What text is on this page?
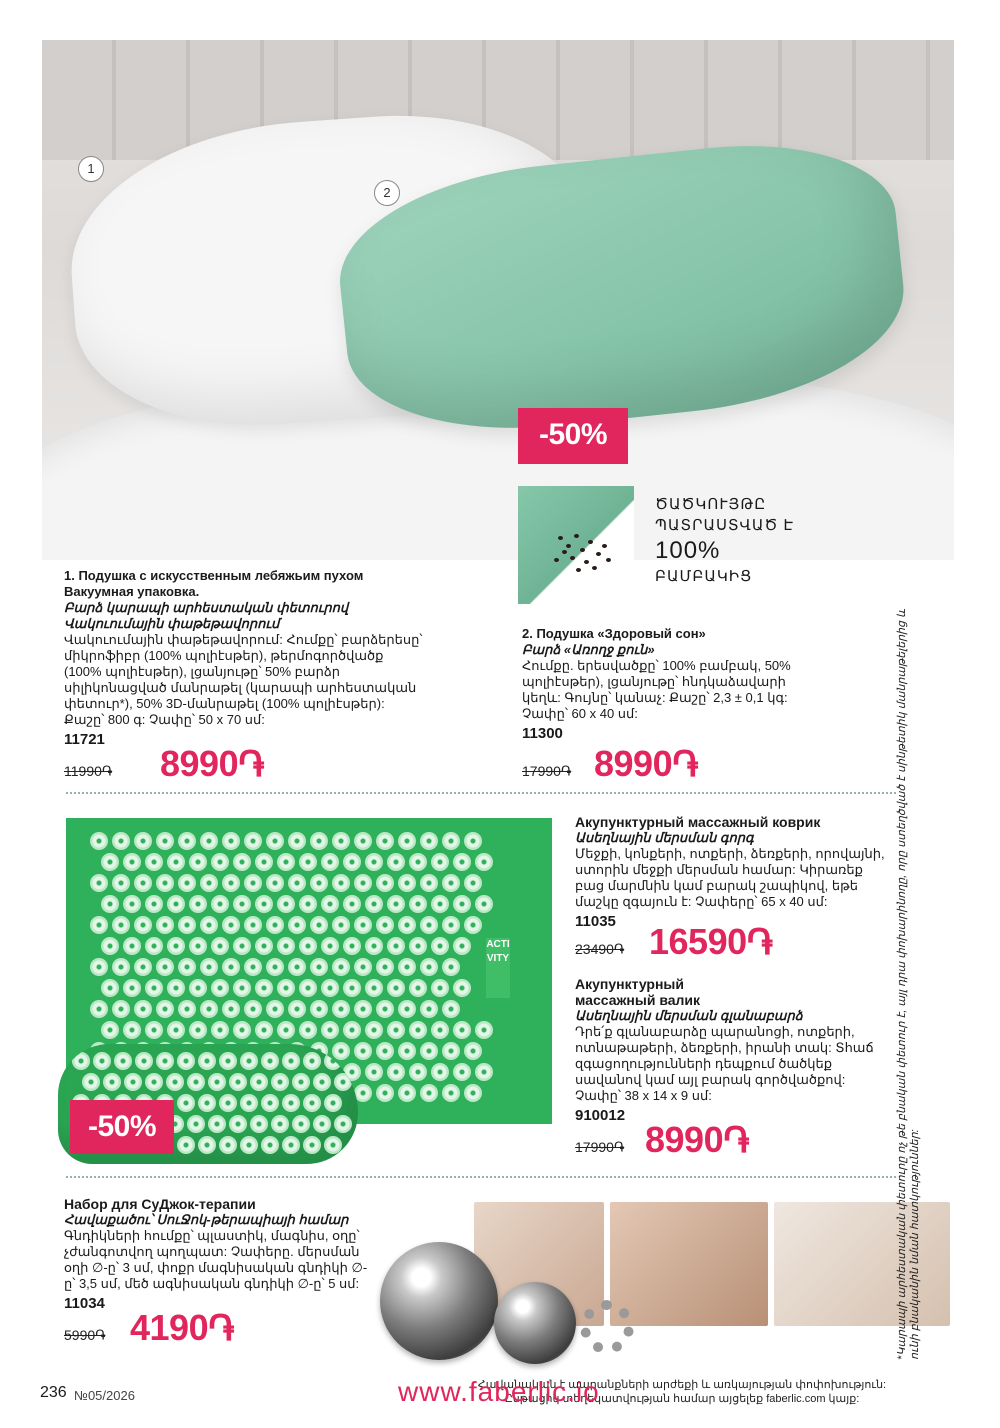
1
2
-50%
ԾԱԾԿՈՒՅԹԸ
ՊԱՏՐԱՍՏՎԱԾ Է
100%
ԲԱՄԲԱԿԻՑ
1. Подушка с искусственным лебяжьим пухом Вакуумная упаковка.
Բարձ կարապի արհեստական փետուրով
Վակուումային փաթեթավորում
Վակուումային փաթեթավորում: Հումքը՝ բարձերեսը՝ միկրոֆիբր (100% պոլիէսթեր), թերմոգործվածք (100% պոլիէսթեր), լցանյութը՝ 50% բարձր սիլիկոնացված մանրաթել (կարապի արհեստական փետուր*), 50% 3D-մանրաթել (100% պոլիէսթեր): Քաշը՝ 800 գ: Չափը՝ 50 x 70 սմ:
11721
11990֏ 8990֏
2. Подушка «Здоровый сон»
Բարձ «Առողջ քուն»
Հումքը. երեսվածքը՝ 100% բամբակ, 50% պոլիէսթեր), լցանյութը՝ հնդկաձավարի կեղև: Գույնը՝ կանաչ: Քաշը՝ 2,3 ± 0,1 կգ: Չափը՝ 60 x 40 սմ:
11300
17990֏ 8990֏
ACTI VITY
-50%
Акупунктурный массажный коврик
Ասեղնային մերսման գորգ
Մեջքի, կոնքերի, ոտքերի, ձեռքերի, որովայնի, ստորին մեջքի մերսման համար: Կիրառեք բաց մարմնին կամ բարակ շապիկով, եթե մաշկը զգայուն է: Չափերը՝ 65 x 40 սմ:
11035
23490֏ 16590֏
Акупунктурный
массажный валик
Ասեղնային մերսման գլանաբարձ
Դրե՛ք գլանաբարձը պարանոցի, ոտքերի, ոտնաթաթերի, ձեռքերի, իրանի տակ: Տհաճ զգացողությունների դեպքում ծածկեք սավանով կամ այլ բարակ գործվածքով: Չափը՝ 38 x 14 x 9 սմ:
910012
17990֏ 8990֏
Набор для СуДжок-терапии
Հավաքածու՝ ՍուՋոկ-թերապիայի համար
Գնդիկների հումքը՝ պլաստիկ, մագնիս, օղը՝ չժանգոտվող պողպատ: Չափերը. մերսման օղի ∅-ը՝ 3 սմ, փոքր մագնիսական գնդիկի ∅-ը՝ 3,5 սմ, մեծ ագնիսական գնդիկի ∅-ը՝ 5 սմ:
11034
5990֏ 4190֏	*Կարապի արհեստական փետուրը ոչ թե բնական փետուր է, այլ դրա փոխարինողը, որը ստեղծված է սինթետիկ մանրաթելերից և ունի բնականին նման հատկություններ:
236 №05/2026
Հավանական է ապրանքների արժեքի և առկայության փոփոխություն:
Ընթացիկ տեղեկատվության համար այցելեք faberlic.com կայք:
www.faberlic.io
